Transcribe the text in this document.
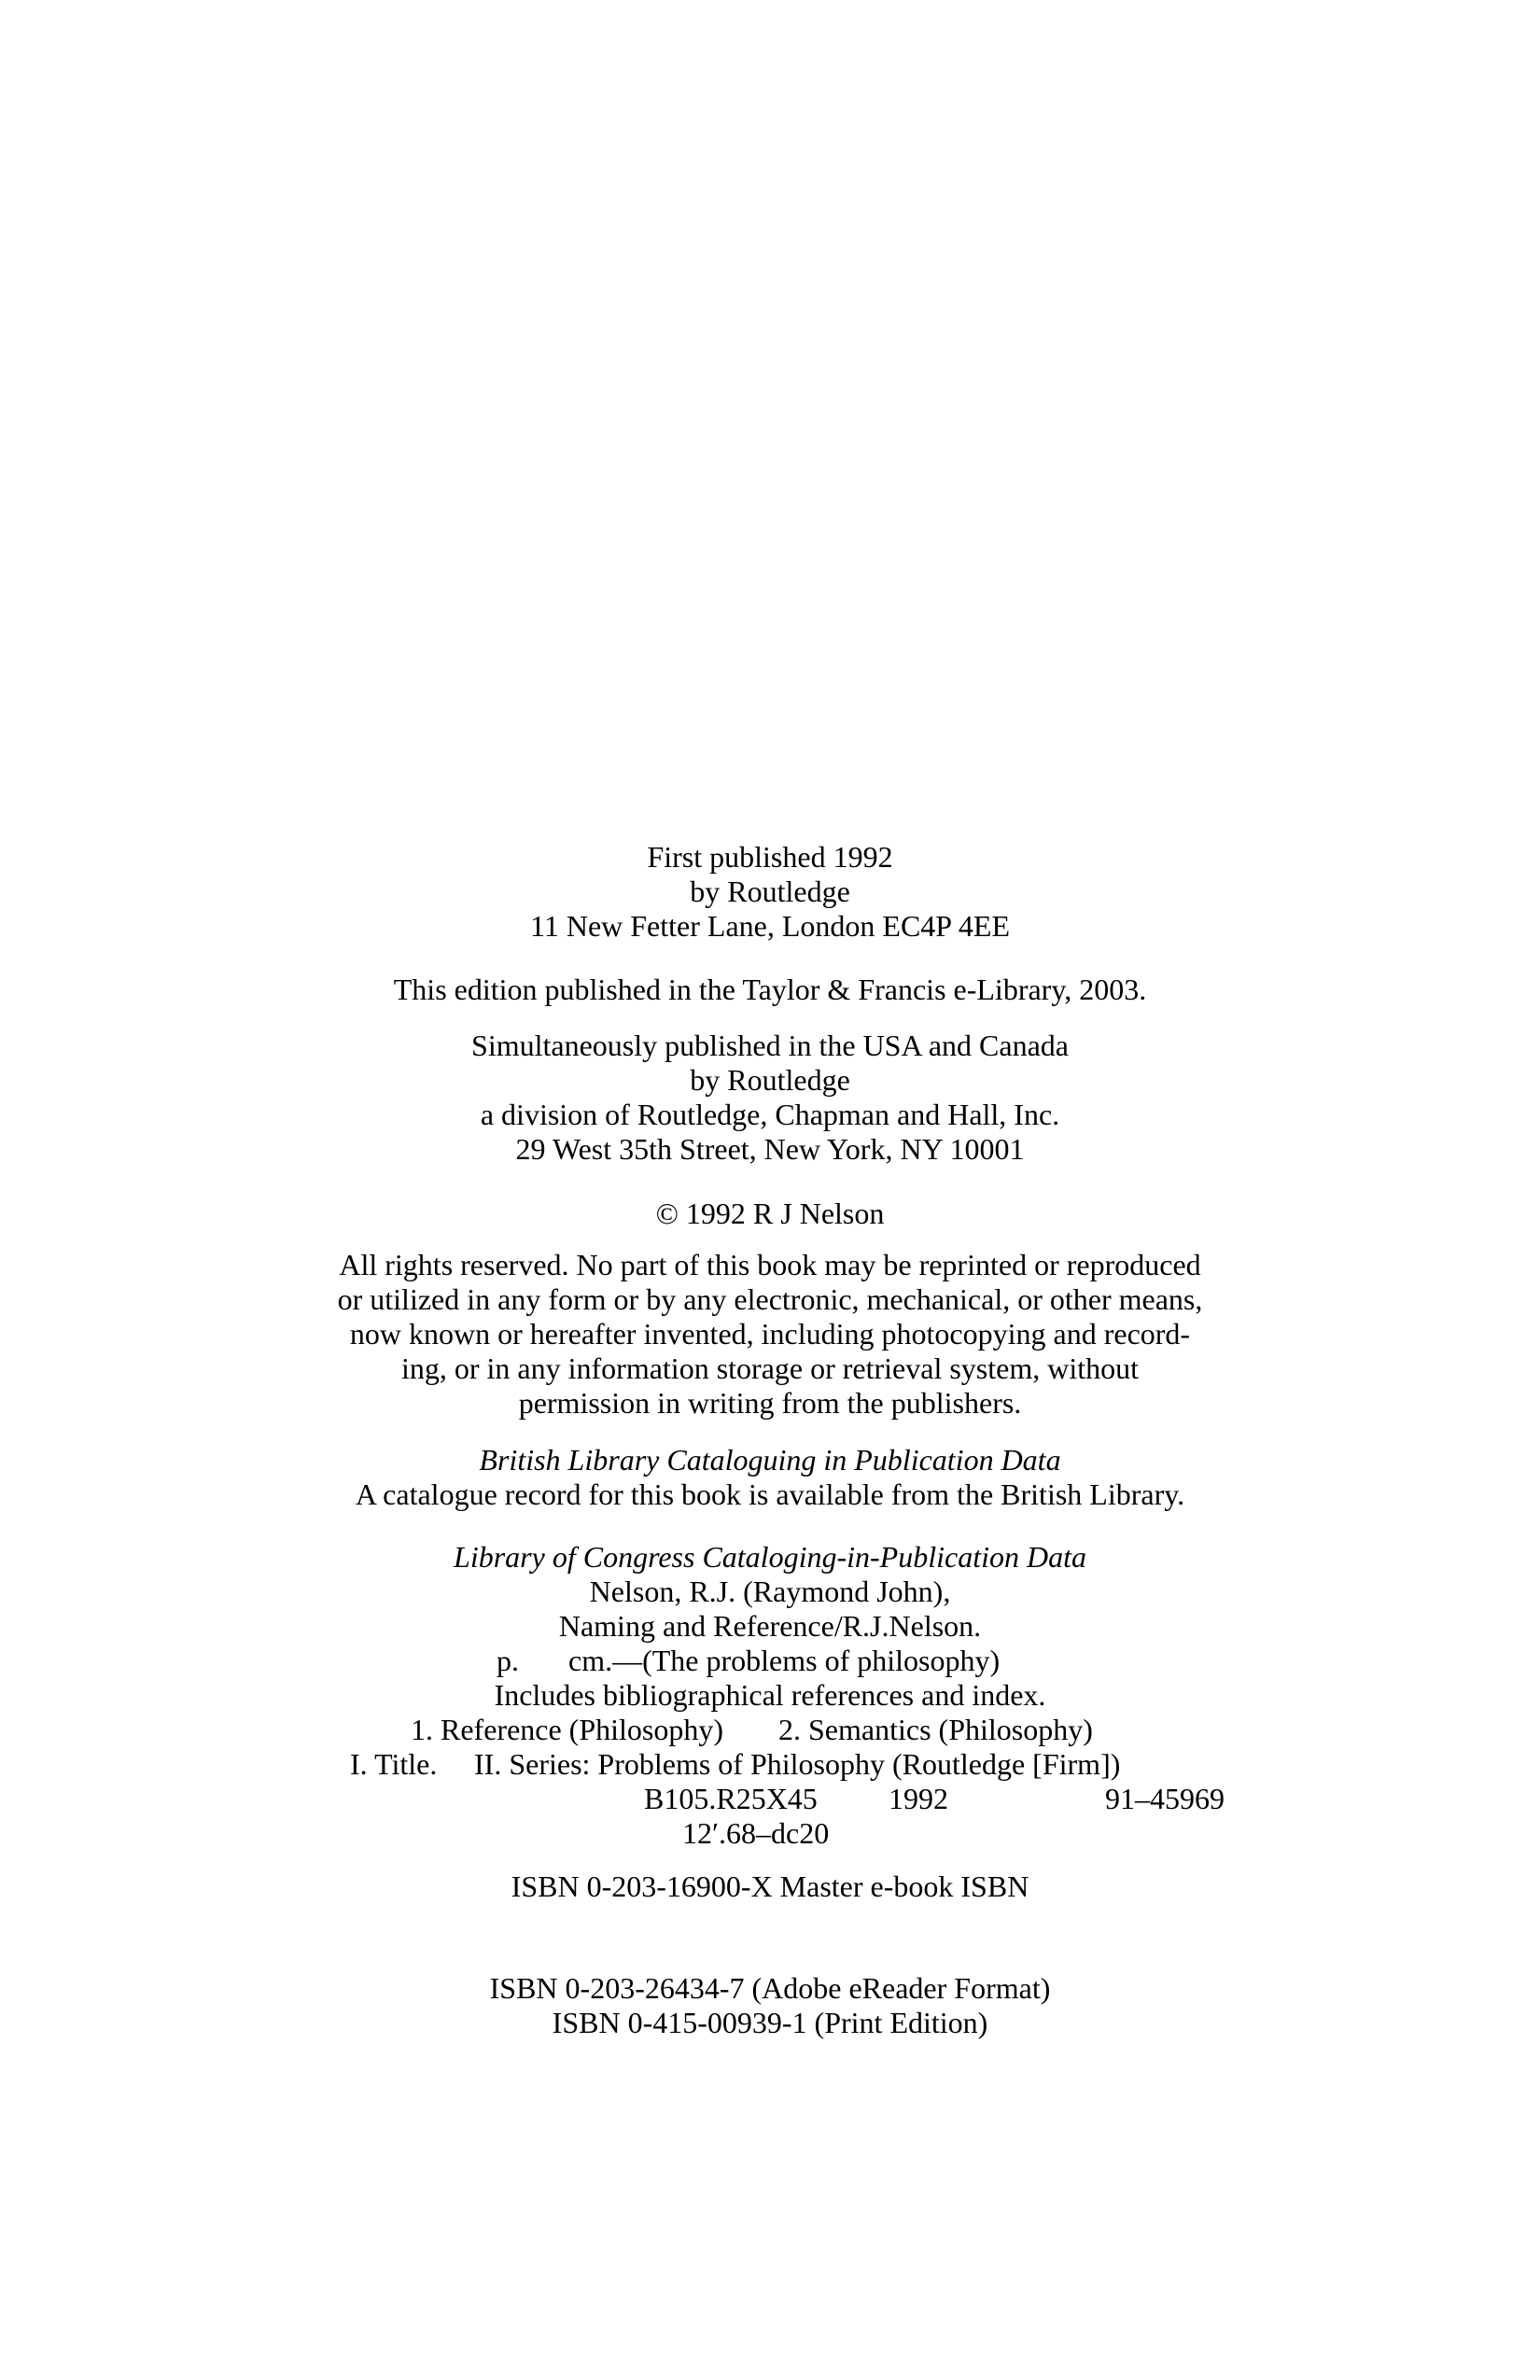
First published 1992
by Routledge
11 New Fetter Lane, London EC4P 4EE
This edition published in the Taylor & Francis e-Library, 2003.
Simultaneously published in the USA and Canada
by Routledge
a division of Routledge, Chapman and Hall, Inc.
29 West 35th Street, New York, NY 10001
© 1992 R J Nelson
All rights reserved. No part of this book may be reprinted or reproduced
or utilized in any form or by any electronic, mechanical, or other means,
now known or hereafter invented, including photocopying and record-
ing, or in any information storage or retrieval system, without
permission in writing from the publishers.
British Library Cataloguing in Publication Data
A catalogue record for this book is available from the British Library.
Library of Congress Cataloging-in-Publication Data
Nelson, R.J. (Raymond John),
Naming and Reference/R.J.Nelson.
p. cm.—(The problems of philosophy)
Includes bibliographical references and index.
1. Reference (Philosophy) 2. Semantics (Philosophy)
I. Title. II. Series: Problems of Philosophy (Routledge [Firm])
B105.R25X45 1992	91–45969
12′.68–dc20
ISBN 0-203-16900-X Master e-book ISBN
ISBN 0-203-26434-7 (Adobe eReader Format)
ISBN 0-415-00939-1 (Print Edition)
